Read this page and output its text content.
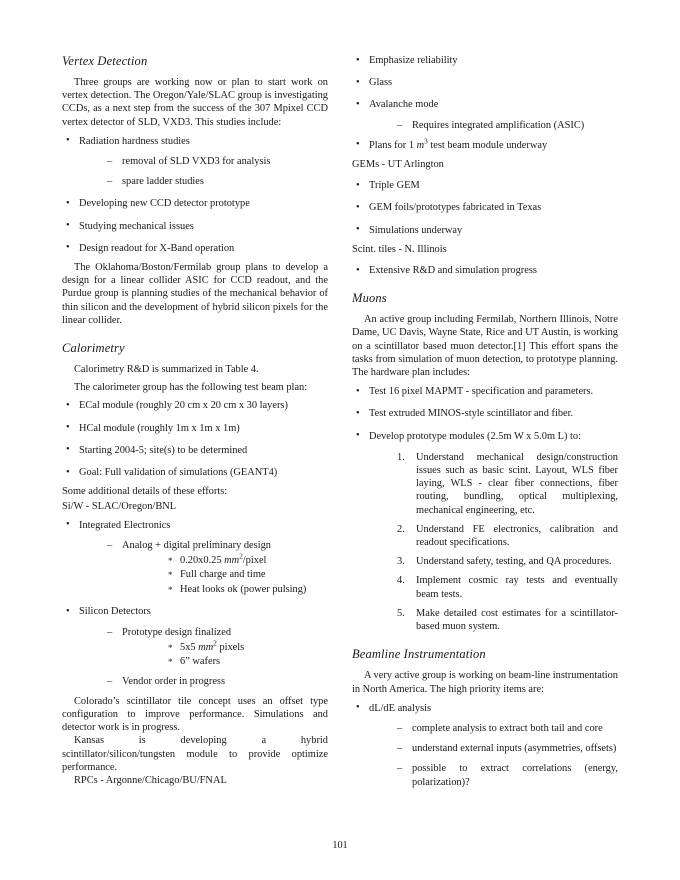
Vertex Detection

Three groups are working now or plan to start work on vertex detection. The Oregon/Yale/SLAC group is investigating CCDs, as a next step from the success of the 307 Mpixel CCD vertex detector of SLD, VXD3. This studies include:

• Radiation hardness studies
– removal of SLD VXD3 for analysis
– spare ladder studies
• Developing new CCD detector prototype
• Studying mechanical issues
• Design readout for X-Band operation

The Oklahoma/Boston/Fermilab group plans to develop a design for a linear collider ASIC for CCD readout, and the Purdue group is planning studies of the mechanical behavior of thin silicon and the development of hybrid silicon pixels for the linear collider.

Calorimetry

Calorimetry R&D is summarized in Table 4.

The calorimeter group has the following test beam plan:

• ECal module (roughly 20 cm x 20 cm x 30 layers)
• HCal module (roughly 1m x 1m x 1m)
• Starting 2004-5; site(s) to be determined
• Goal: Full validation of simulations (GEANT4)

Some additional details of these efforts:

Si/W - SLAC/Oregon/BNL

• Integrated Electronics
– Analog + digital preliminary design
* 0.20x0.25 $mm^2$/pixel
* Full charge and time
* Heat looks ok (power pulsing)
• Silicon Detectors
– Prototype design finalized
* 5x5 $mm^2$ pixels
* 6” wafers
– Vendor order in progress

Colorado’s scintillator tile concept uses an offset type configuration to improve performance. Simulations and detector work is in progress.

Kansas is developing a hybrid scintillator/silicon/tungsten module to provide optimize performance.

RPCs - Argonne/Chicago/BU/FNAL

• Emphasize reliability
• Glass
• Avalanche mode
– Requires integrated amplification (ASIC)
• Plans for 1 $m^3$ test beam module underway

GEMs - UT Arlington

• Triple GEM
• GEM foils/prototypes fabricated in Texas
• Simulations underway

Scint. tiles - N. Illinois

• Extensive R&D and simulation progress
Muons

An active group including Fermilab, Northern Illinois, Notre Dame, UC Davis, Wayne State, Rice and UT Austin, is working on a scintillator based muon detector.[1] This effort spans the tasks from simulation of muon detection, to prototype planning. The hardware plan includes:

• Test 16 pixel MAPMT - specification and parameters.
• Test extruded MINOS-style scintillator and fiber.
• Develop prototype modules (2.5m W x 5.0m L) to:
Understand mechanical design/construction issues such as basic scint. Layout, WLS fiber laying, WLS - clear fiber connections, fiber routing, bundling, optical multiplexing, mechanical engineering, etc.
Understand FE electronics, calibration and readout specifications.
Understand safety, testing, and QA procedures.
Implement cosmic ray tests and eventually beam tests.
Make detailed cost estimates for a scintillator-based muon system.
Beamline Instrumentation

A very active group is working on beam-line instrumentation in North America. The high priority items are:

• dL/dE analysis
– complete analysis to extract both tail and core
– understand external inputs (asymmetries, offsets)
– possible to extract correlations (energy, polarization)?
101
